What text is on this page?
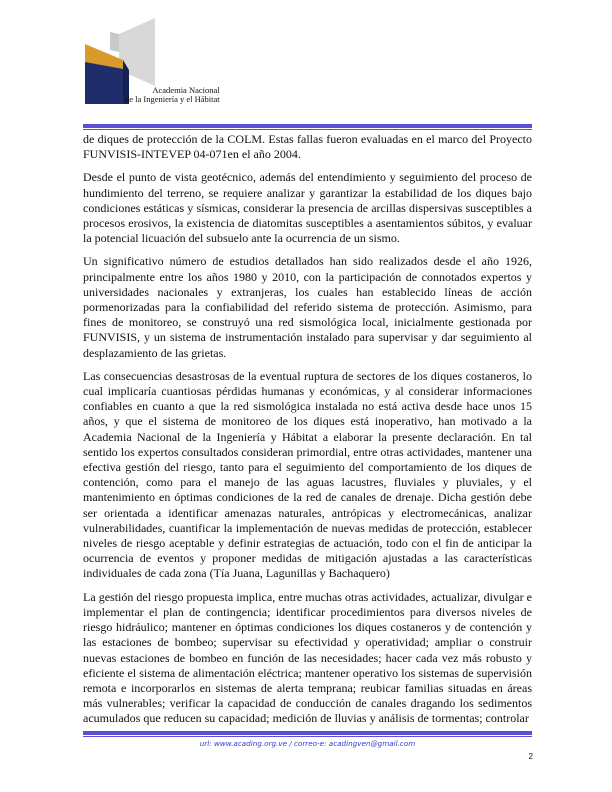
Academia Nacional
de la Ingeniería y el Hábitat

de diques de protección de la COLM. Estas fallas fueron evaluadas en el marco del Proyecto FUNVISIS-INTEVEP 04-071en el año 2004.

Desde el punto de vista geotécnico, además del entendimiento y seguimiento del proceso de hundimiento del terreno, se requiere analizar y garantizar la estabilidad de los diques bajo condiciones estáticas y sísmicas, considerar la presencia de arcillas dispersivas susceptibles a procesos erosivos, la existencia de diatomitas susceptibles a asentamientos súbitos, y evaluar la potencial licuación del subsuelo ante la ocurrencia de un sismo.

Un significativo número de estudios detallados han sido realizados desde el año 1926, principalmente entre los años 1980 y 2010, con la participación de connotados expertos y universidades nacionales y extranjeras, los cuales han establecido líneas de acción pormenorizadas para la confiabilidad del referido sistema de protección. Asimismo, para fines de monitoreo, se construyó una red sismológica local, inicialmente gestionada por FUNVISIS, y un sistema de instrumentación instalado para supervisar y dar seguimiento al desplazamiento de las grietas.

Las consecuencias desastrosas de la eventual ruptura de sectores de los diques costaneros, lo cual implicaría cuantiosas pérdidas humanas y económicas, y al considerar informaciones confiables en cuanto a que la red sismológica instalada no está activa desde hace unos 15 años, y que el sistema de monitoreo de los diques está inoperativo, han motivado a la Academia Nacional de la Ingeniería y Hábitat a elaborar la presente declaración. En tal sentido los expertos consultados consideran primordial, entre otras actividades, mantener una efectiva gestión del riesgo, tanto para el seguimiento del comportamiento de los diques de contención, como para el manejo de las aguas lacustres, fluviales y pluviales, y el mantenimiento en óptimas condiciones de la red de canales de drenaje. Dicha gestión debe ser orientada a identificar amenazas naturales, antrópicas y electromecánicas, analizar vulnerabilidades, cuantificar la implementación de nuevas medidas de protección, establecer niveles de riesgo aceptable y definir estrategias de actuación, todo con el fin de anticipar la ocurrencia de eventos y proponer medidas de mitigación ajustadas a las características individuales de cada zona (Tía Juana, Lagunillas y Bachaquero)

La gestión del riesgo propuesta implica, entre muchas otras actividades, actualizar, divulgar e implementar el plan de contingencia; identificar procedimientos para diversos niveles de riesgo hidráulico; mantener en óptimas condiciones los diques costaneros y de contención y las estaciones de bombeo; supervisar su efectividad y operatividad; ampliar o construir nuevas estaciones de bombeo en función de las necesidades; hacer cada vez más robusto y eficiente el sistema de alimentación eléctrica; mantener operativo los sistemas de supervisión remota e incorporarlos en sistemas de alerta temprana; reubicar familias situadas en áreas más vulnerables; verificar la capacidad de conducción de canales dragando los sedimentos acumulados que reducen su capacidad; medición de lluvias y análisis de tormentas; controlar

url: www.acading.org.ve / correo-e: acadingven@gmail.com
2
